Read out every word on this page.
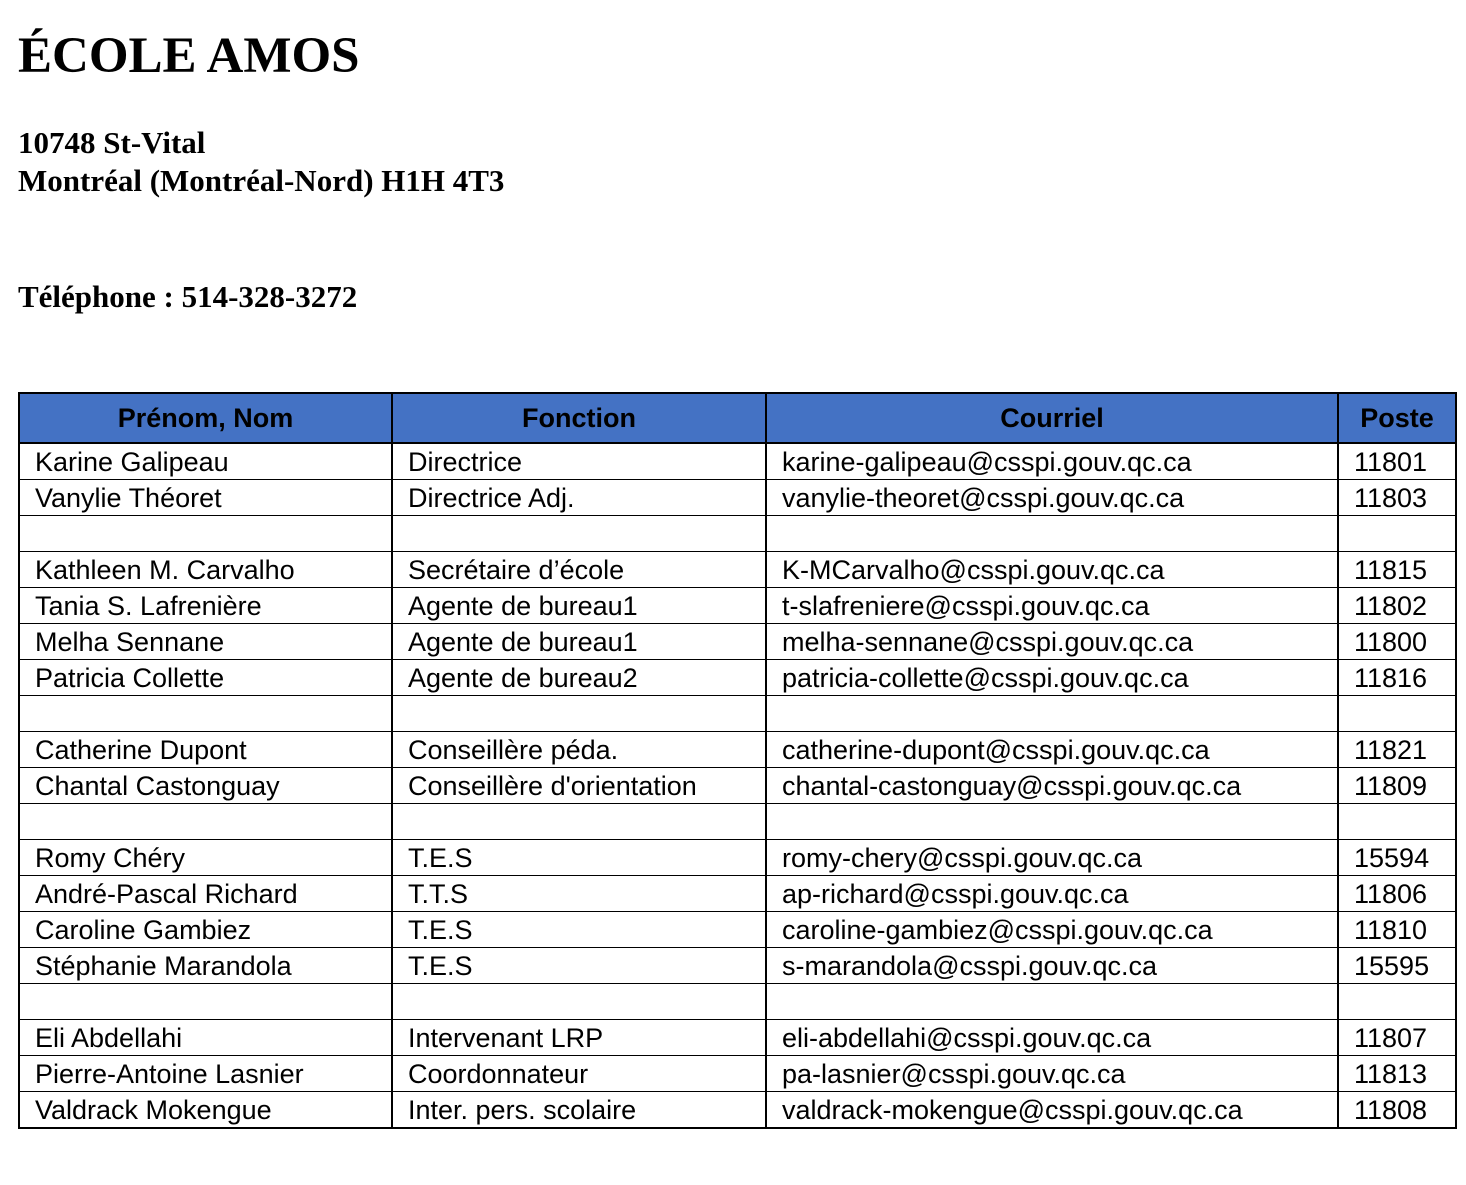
ÉCOLE AMOS
10748 St-Vital
Montréal (Montréal-Nord) H1H 4T3
Téléphone : 514-328-3272
Prénom, Nom	Fonction	Courriel	Poste
Karine Galipeau	Directrice	karine-galipeau@csspi.gouv.qc.ca	11801
Vanylie Théoret	Directrice Adj.	vanylie-theoret@csspi.gouv.qc.ca	11803

Kathleen M. Carvalho	Secrétaire d’école	K-MCarvalho@csspi.gouv.qc.ca	11815
Tania S. Lafrenière	Agente de bureau1	t-slafreniere@csspi.gouv.qc.ca	11802
Melha Sennane	Agente de bureau1	melha-sennane@csspi.gouv.qc.ca	11800
Patricia Collette	Agente de bureau2	patricia-collette@csspi.gouv.qc.ca	11816

Catherine Dupont	Conseillère péda.	catherine-dupont@csspi.gouv.qc.ca	11821
Chantal Castonguay	Conseillère d'orientation	chantal-castonguay@csspi.gouv.qc.ca	11809

Romy Chéry	T.E.S	romy-chery@csspi.gouv.qc.ca	15594
André-Pascal Richard	T.T.S	ap-richard@csspi.gouv.qc.ca	11806
Caroline Gambiez	T.E.S	caroline-gambiez@csspi.gouv.qc.ca	11810
Stéphanie Marandola	T.E.S	s-marandola@csspi.gouv.qc.ca	15595

Eli Abdellahi	Intervenant LRP	eli-abdellahi@csspi.gouv.qc.ca	11807
Pierre-Antoine Lasnier	Coordonnateur	pa-lasnier@csspi.gouv.qc.ca	11813
Valdrack Mokengue	Inter. pers. scolaire	valdrack-mokengue@csspi.gouv.qc.ca	11808
